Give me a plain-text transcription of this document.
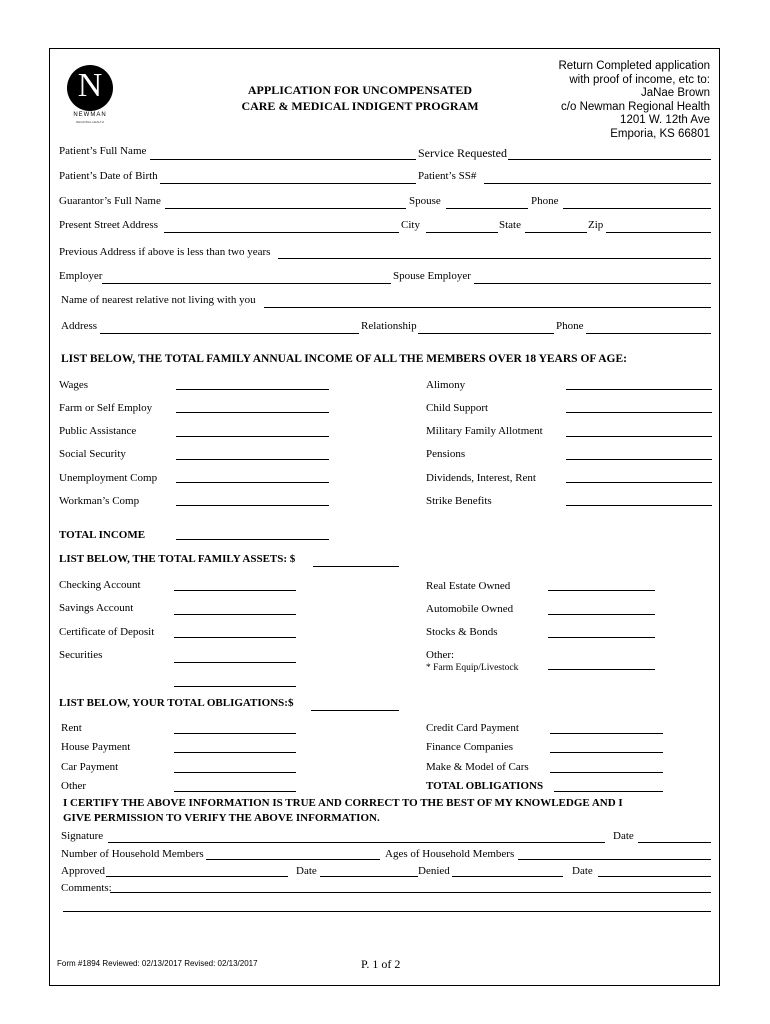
N
NEWMAN
REGIONAL HEALTH
APPLICATION FOR UNCOMPENSATED
CARE & MEDICAL INDIGENT PROGRAM
Return Completed application
with proof of income, etc to:
JaNae Brown
c/o Newman Regional Health
1201 W. 12th Ave
Emporia, KS 66801
Patient’s Full Name	Service Requested
Patient’s Date of Birth	Patient’s SS#
Guarantor’s Full Name	Spouse	Phone
Present Street Address	City	State	Zip
Previous Address if above is less than two years
Employer	Spouse Employer
Name of nearest relative not living with you
Address	Relationship	Phone
LIST BELOW, THE TOTAL FAMILY ANNUAL INCOME OF ALL THE MEMBERS OVER 18 YEARS OF AGE:
Wages	Alimony
Farm or Self Employ	Child Support
Public Assistance	Military Family Allotment
Social Security	Pensions
Unemployment Comp	Dividends, Interest, Rent
Workman’s Comp	Strike Benefits
TOTAL INCOME
LIST BELOW, THE TOTAL FAMILY ASSETS: $
Checking Account	Real Estate Owned
Savings Account	Automobile Owned
Certificate of Deposit	Stocks & Bonds
Securities	Other:
* Farm Equip/Livestock
LIST BELOW, YOUR TOTAL OBLIGATIONS:$
Rent	Credit Card Payment
House Payment	Finance Companies
Car Payment	Make & Model of Cars
Other	TOTAL OBLIGATIONS
I CERTIFY THE ABOVE INFORMATION IS TRUE AND CORRECT TO THE BEST OF MY KNOWLEDGE AND I
GIVE PERMISSION TO VERIFY THE ABOVE INFORMATION.
Signature	Date
Number of Household Members	Ages of Household Members
Approved	Date	Denied	Date
Comments:
Form #1894 Reviewed: 02/13/2017 Revised: 02/13/2017	P. 1 of 2
